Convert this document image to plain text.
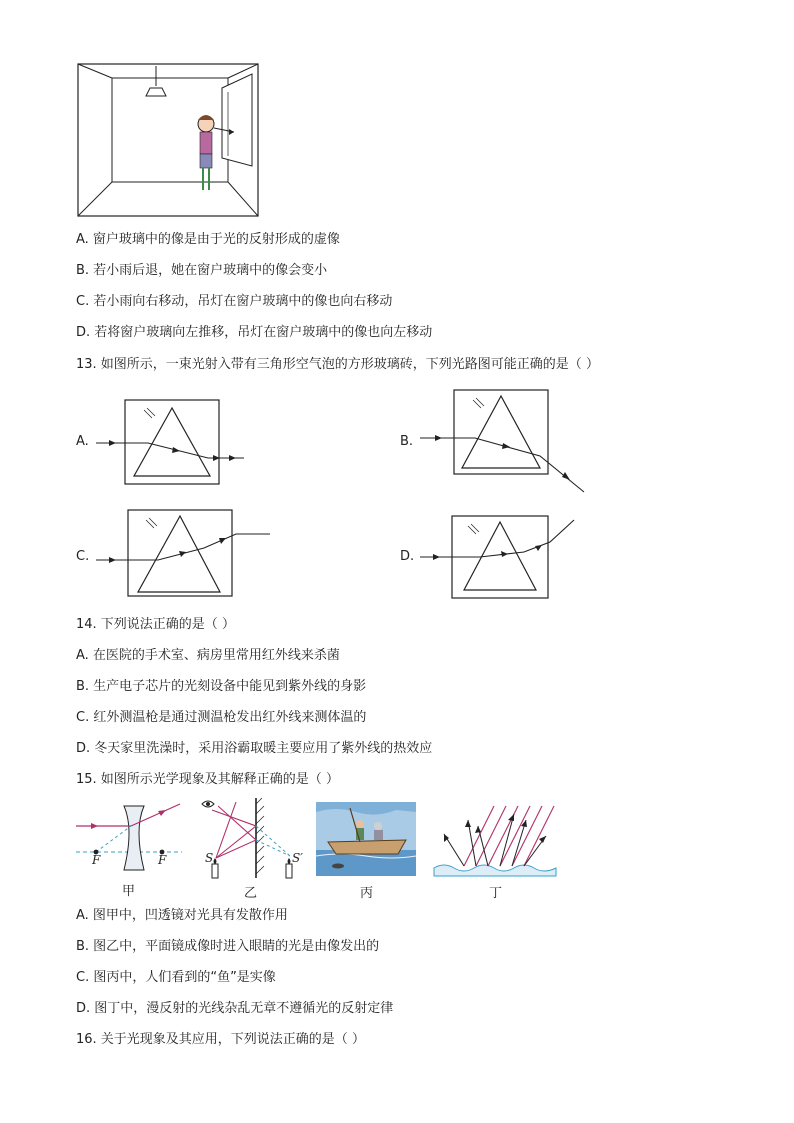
A. 窗户玻璃中的像是由于光的反射形成的虚像
B. 若小雨后退，她在窗户玻璃中的像会变小
C. 若小雨向右移动，吊灯在窗户玻璃中的像也向右移动
D. 若将窗户玻璃向左推移，吊灯在窗户玻璃中的像也向左移动
13. 如图所示，一束光射入带有三角形空气泡的方形玻璃砖，下列光路图可能正确的是（ ）
A.	B.
C.	D.
14. 下列说法正确的是（ ）
A. 在医院的手术室、病房里常用红外线来杀菌
B. 生产电子芯片的光刻设备中能见到紫外线的身影
C. 红外测温枪是通过测温枪发出红外线来测体温的
D. 冬天家里洗澡时，采用浴霸取暖主要应用了紫外线的热效应
15. 如图所示光学现象及其解释正确的是（ ）
F	F
甲
S	S′
乙	丙	丁
A. 图甲中，凹透镜对光具有发散作用
B. 图乙中，平面镜成像时进入眼睛的光是由像发出的
C. 图丙中，人们看到的“鱼”是实像
D. 图丁中，漫反射的光线杂乱无章不遵循光的反射定律
16. 关于光现象及其应用，下列说法正确的是（ ）
